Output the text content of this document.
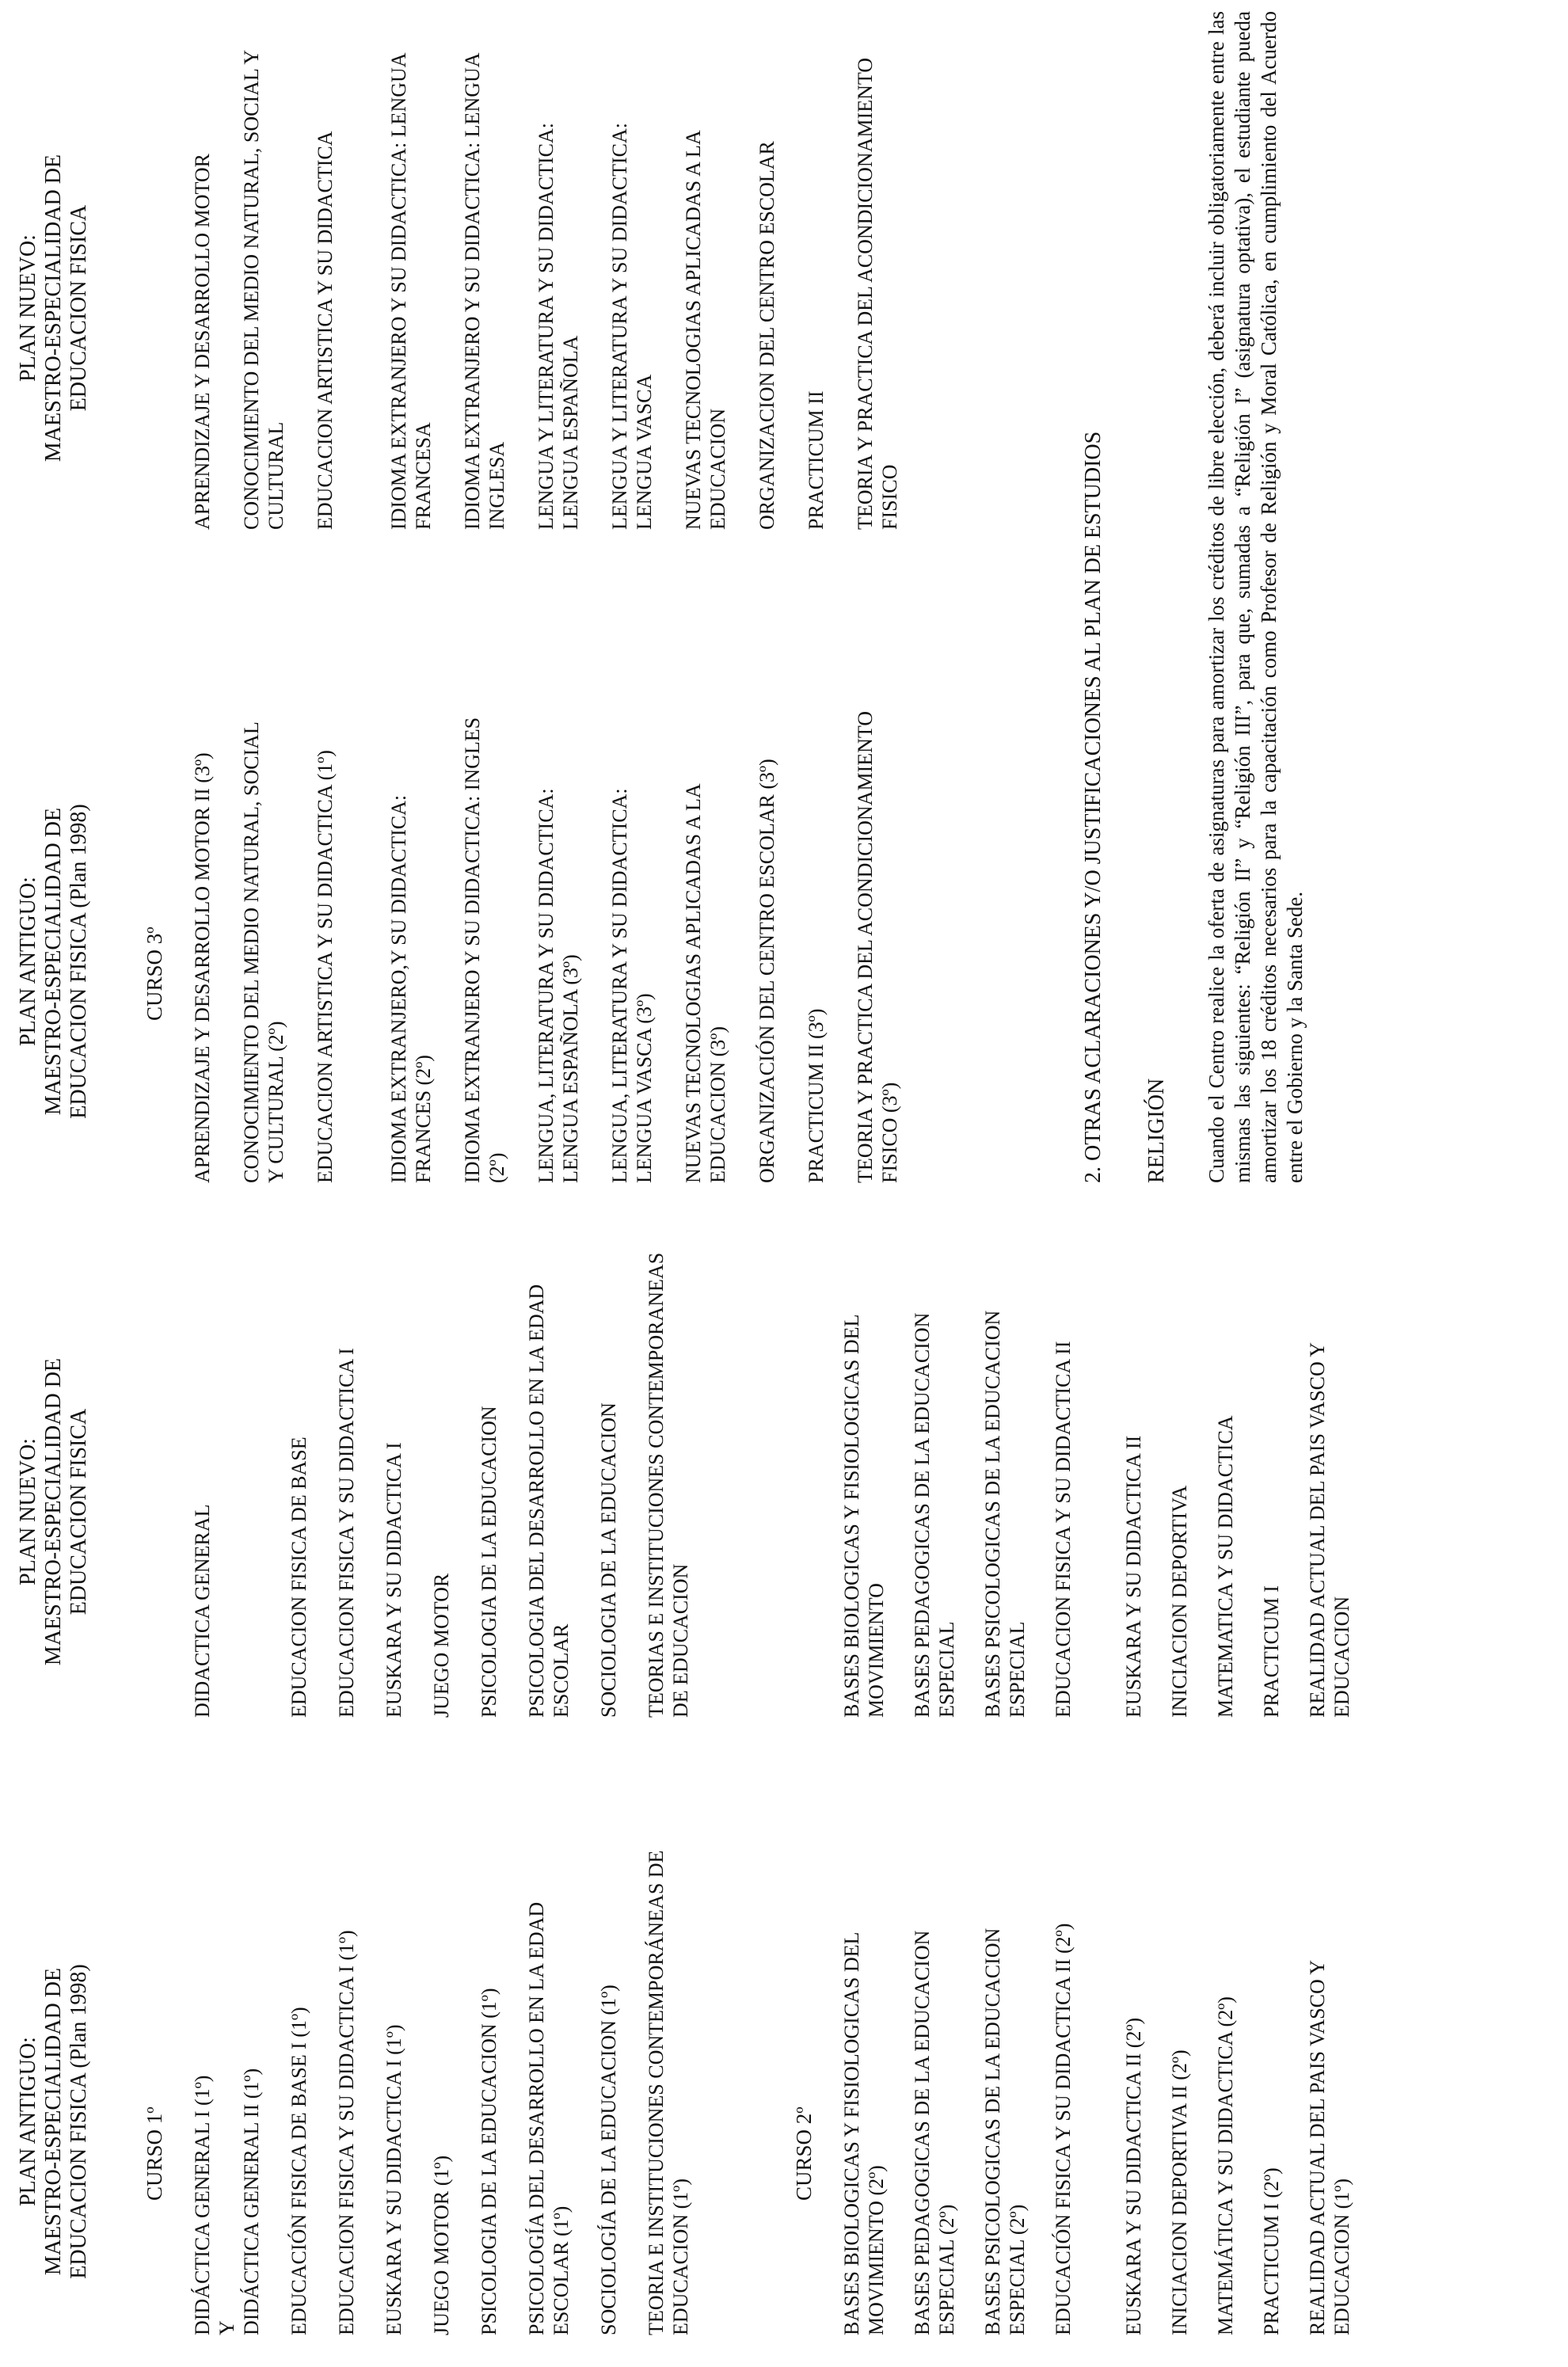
PLAN ANTIGUO: MAESTRO-ESPECIALIDAD DE EDUCACION FISICA (Plan 1998)
PLAN NUEVO: MAESTRO-ESPECIALIDAD DE EDUCACION FISICA
CURSO 1º
DIDÁCTICA GENERAL I (1º)
Y
DIDÁCTICA GENERAL II (1º)
DIDACTICA GENERAL
EDUCACIÓN FISICA DE BASE I (1º)
EDUCACION FISICA DE BASE
EDUCACION FISICA Y SU DIDACTICA I (1º)
EDUCACION FISICA Y SU DIDACTICA I
EUSKARA Y SU DIDACTICA I (1º)
EUSKARA Y SU DIDACTICA I
JUEGO MOTOR (1º)
JUEGO MOTOR
PSICOLOGIA DE LA EDUCACION (1º)
PSICOLOGIA DE LA EDUCACION
PSICOLOGÍA DEL DESARROLLO EN LA EDAD ESCOLAR (1º)
PSICOLOGIA DEL DESARROLLO EN LA EDAD ESCOLAR
SOCIOLOGÍA DE LA EDUCACION (1º)
SOCIOLOGIA DE LA EDUCACION
TEORIA E INSTITUCIONES CONTEMPORÁNEAS DE EDUCACION (1º)
TEORIAS E INSTITUCIONES CONTEMPORANEAS DE EDUCACION
CURSO 2º BASES BIOLOGICAS Y FISIOLOGICAS DEL MOVIMIENTO (2º)
BASES BIOLOGICAS Y FISIOLOGICAS DEL MOVIMIENTO
BASES PEDAGOGICAS DE LA EDUCACION ESPECIAL (2º)
BASES PEDAGOGICAS DE LA EDUCACION ESPECIAL
BASES PSICOLOGICAS DE LA EDUCACION ESPECIAL (2º)
BASES PSICOLOGICAS DE LA EDUCACION ESPECIAL
EDUCACIÓN FISICA Y SU DIDACTICA II (2º)
EDUCACION FISICA Y SU DIDACTICA II
EUSKARA Y SU DIDACTICA II (2º)
EUSKARA Y SU DIDACTICA II
INICIACION DEPORTIVA II (2º)
INICIACION DEPORTIVA
MATEMÁTICA Y SU DIDACTICA (2º)
MATEMATICA Y SU DIDACTICA
PRACTICUM I (2º)
PRACTICUM I
REALIDAD ACTUAL DEL PAIS VASCO Y EDUCACION (1º)
REALIDAD ACTUAL DEL PAIS VASCO Y EDUCACION
PLAN ANTIGUO: MAESTRO-ESPECIALIDAD DE EDUCACION FISICA (Plan 1998)
PLAN NUEVO: MAESTRO-ESPECIALIDAD DE EDUCACION FISICA
CURSO 3º APRENDIZAJE Y DESARROLLO MOTOR II (3º)
APRENDIZAJE Y DESARROLLO MOTOR
CONOCIMIENTO DEL MEDIO NATURAL, SOCIAL Y CULTURAL (2º)
CONOCIMIENTO DEL MEDIO NATURAL, SOCIAL Y CULTURAL
EDUCACION ARTISTICA Y SU DIDACTICA (1º)
EDUCACION ARTISTICA Y SU DIDACTICA
IDIOMA EXTRANJERO,Y SU DIDACTICA: FRANCES (2º)
IDIOMA EXTRANJERO Y SU DIDACTICA: LENGUA FRANCESA
IDIOMA EXTRANJERO Y SU DIDACTICA: INGLES (2º)
IDIOMA EXTRANJERO Y SU DIDACTICA: LENGUA INGLESA
LENGUA, LITERATURA Y SU DIDACTICA: LENGUA ESPAÑOLA (3º)
LENGUA Y LITERATURA Y SU DIDACTICA: LENGUA ESPAÑOLA
LENGUA, LITERATURA Y SU DIDACTICA: LENGUA VASCA (3º)
LENGUA Y LITERATURA Y SU DIDACTICA: LENGUA VASCA
NUEVAS TECNOLOGIAS APLICADAS A LA EDUCACION (3º)
NUEVAS TECNOLOGIAS APLICADAS A LA EDUCACION
ORGANIZACIÓN DEL CENTRO ESCOLAR (3º)
ORGANIZACION DEL CENTRO ESCOLAR
PRACTICUM II (3º)
PRACTICUM II
TEORIA Y PRACTICA DEL ACONDICIONAMIENTO FISICO (3º)
TEORIA Y PRACTICA DEL ACONDICIONAMIENTO FISICO	2. OTRAS ACLARACIONES Y/O JUSTIFICACIONES AL PLAN DE ESTUDIOS RELIGIÓN Cuando el Centro realice la oferta de asignaturas para amortizar los créditos de libre elección, deberá incluir obligatoriamente entre las mismas las siguientes: “Religión II” y “Religión III”, para que, sumadas a “Religión I” (asignatura optativa), el estudiante pueda amortizar los 18 créditos necesarios para la capacitación como Profesor de Religión y Moral Católica, en cumplimiento del Acuerdo entre el Gobierno y la Santa Sede.
